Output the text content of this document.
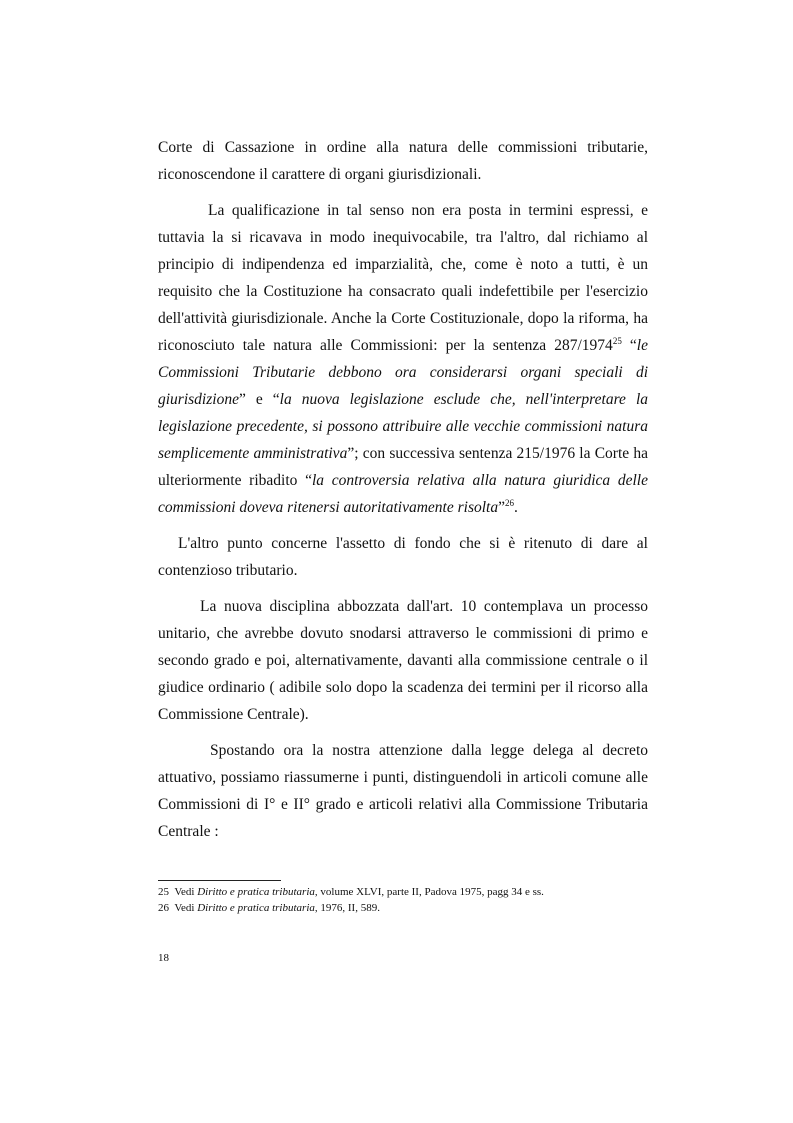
Corte di Cassazione in ordine alla natura delle commissioni tributarie, riconoscendone il carattere di organi giurisdizionali.

La qualificazione in tal senso non era posta in termini espressi, e tuttavia la si ricavava in modo inequivocabile, tra l'altro, dal richiamo al principio di indipendenza ed imparzialità, che, come è noto a tutti, è un requisito che la Costituzione ha consacrato quali indefettibile per l'esercizio dell'attività giurisdizionale. Anche la Corte Costituzionale, dopo la riforma, ha riconosciuto tale natura alle Commissioni: per la sentenza 287/1974$^{25}$ “le Commissioni Tributarie debbono ora considerarsi organi speciali di giurisdizione” e “la nuova legislazione esclude che, nell'interpretare la legislazione precedente, si possono attribuire alle vecchie commissioni natura semplicemente amministrativa”; con successiva sentenza 215/1976 la Corte ha ulteriormente ribadito “la controversia relativa alla natura giuridica delle commissioni doveva ritenersi autoritativamente risolta”$^{26}$.

L'altro punto concerne l'assetto di fondo che si è ritenuto di dare al contenzioso tributario.

La nuova disciplina abbozzata dall'art. 10 contemplava un processo unitario, che avrebbe dovuto snodarsi attraverso le commissioni di primo e secondo grado e poi, alternativamente, davanti alla commissione centrale o il giudice ordinario ( adibile solo dopo la scadenza dei termini per il ricorso alla Commissione Centrale).

Spostando ora la nostra attenzione dalla legge delega al decreto attuativo, possiamo riassumerne i punti, distinguendoli in articoli comune alle Commissioni di I° e II° grado e articoli relativi alla Commissione Tributaria Centrale :

25 Vedi Diritto e pratica tributaria, volume XLVI, parte II, Padova 1975, pagg 34 e ss.

26 Vedi Diritto e pratica tributaria, 1976, II, 589.

18
